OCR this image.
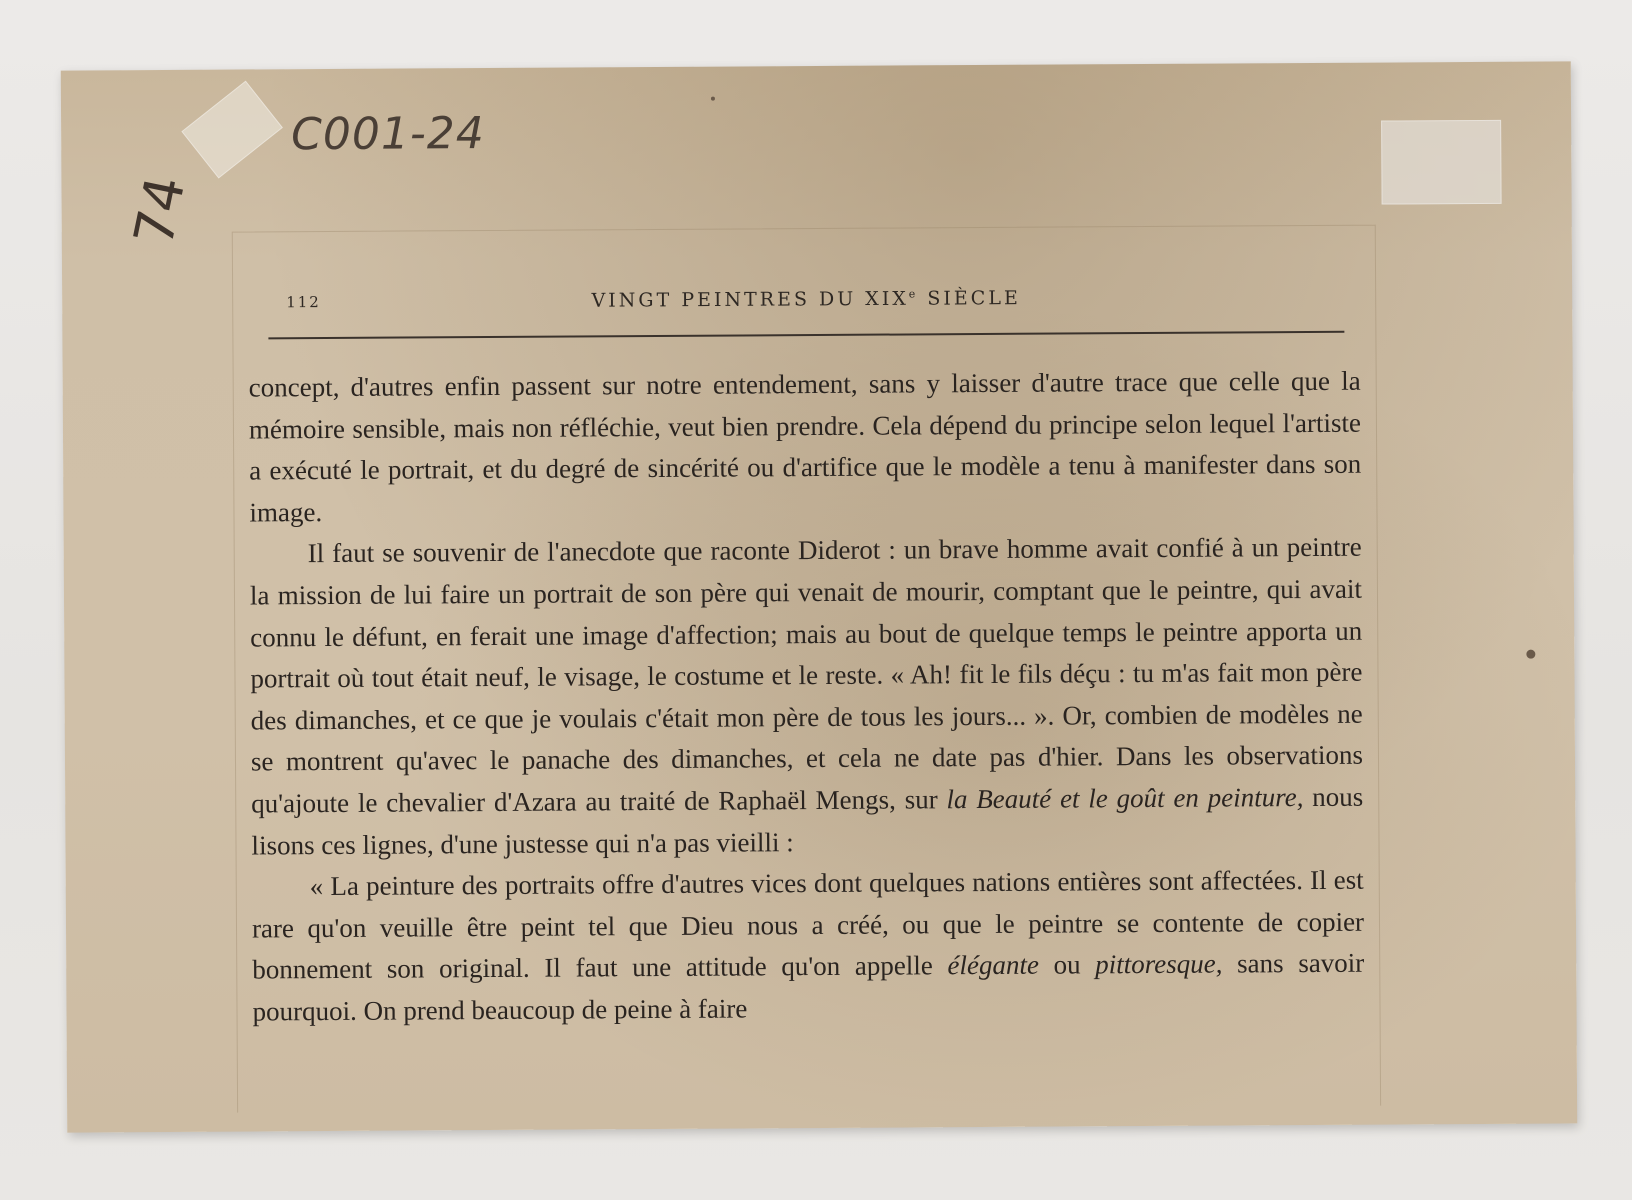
C001-24
74
112	VINGT PEINTRES DU XIXe SIÈCLE

concept, d'autres enfin passent sur notre entendement, sans y laisser d'autre trace que celle que la mémoire sensible, mais non réfléchie, veut bien prendre. Cela dépend du principe selon lequel l'artiste a exécuté le portrait, et du degré de sincérité ou d'artifice que le modèle a tenu à manifester dans son image.

Il faut se souvenir de l'anecdote que raconte Diderot : un brave homme avait confié à un peintre la mission de lui faire un portrait de son père qui venait de mourir, comptant que le peintre, qui avait connu le défunt, en ferait une image d'affection; mais au bout de quelque temps le peintre apporta un portrait où tout était neuf, le visage, le costume et le reste. « Ah! fit le fils déçu : tu m'as fait mon père des dimanches, et ce que je voulais c'était mon père de tous les jours... ». Or, combien de modèles ne se montrent qu'avec le panache des dimanches, et cela ne date pas d'hier. Dans les observations qu'ajoute le chevalier d'Azara au traité de Raphaël Mengs, sur la Beauté et le goût en peinture, nous lisons ces lignes, d'une justesse qui n'a pas vieilli :

« La peinture des portraits offre d'autres vices dont quelques nations entières sont affectées. Il est rare qu'on veuille être peint tel que Dieu nous a créé, ou que le peintre se contente de copier bonnement son original. Il faut une attitude qu'on appelle élégante ou pittoresque, sans savoir pourquoi. On prend beaucoup de peine à faire
